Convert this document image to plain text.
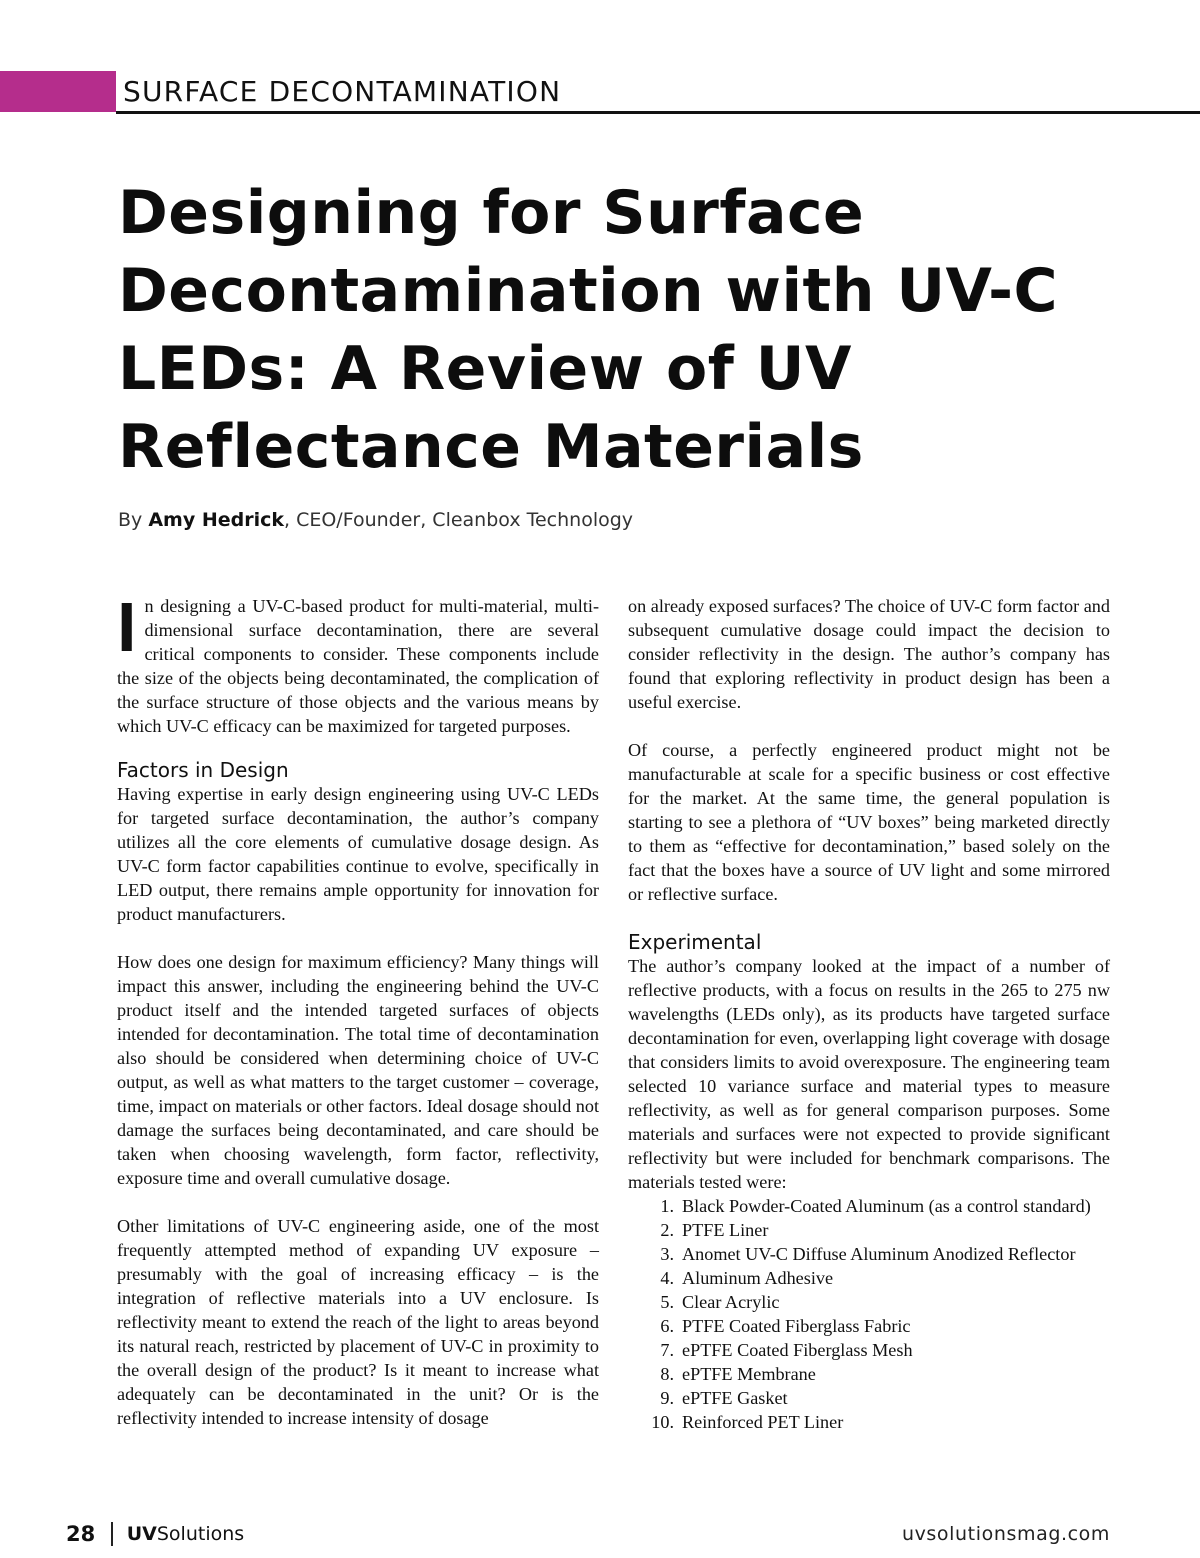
SURFACE DECONTAMINATION
Designing for Surface Decontamination with UV-C LEDs: A Review of UV Reflectance Materials
By Amy Hedrick, CEO/Founder, Cleanbox Technology

In designing a UV-C-based product for multi-material, multi-dimensional surface decontamination, there are several critical components to consider. These components include the size of the objects being decontaminated, the complication of the surface structure of those objects and the various means by which UV-C efficacy can be maximized for targeted purposes.

Factors in Design

Having expertise in early design engineering using UV-C LEDs for targeted surface decontamination, the author’s company utilizes all the core elements of cumulative dosage design. As UV-C form factor capabilities continue to evolve, specifically in LED output, there remains ample opportunity for innovation for product manufacturers.

How does one design for maximum efficiency? Many things will impact this answer, including the engineering behind the UV-C product itself and the intended targeted surfaces of objects intended for decontamination. The total time of decontamination also should be considered when determining choice of UV-C output, as well as what matters to the target customer – coverage, time, impact on materials or other factors. Ideal dosage should not damage the surfaces being decontaminated, and care should be taken when choosing wavelength, form factor, reflectivity, exposure time and overall cumulative dosage.

Other limitations of UV-C engineering aside, one of the most frequently attempted method of expanding UV exposure – presumably with the goal of increasing efficacy – is the integration of reflective materials into a UV enclosure. Is reflectivity meant to extend the reach of the light to areas beyond its natural reach, restricted by placement of UV-C in proximity to the overall design of the product? Is it meant to increase what adequately can be decontaminated in the unit? Or is the reflectivity intended to increase intensity of dosage

on already exposed surfaces? The choice of UV-C form factor and subsequent cumulative dosage could impact the decision to consider reflectivity in the design. The author’s company has found that exploring reflectivity in product design has been a useful exercise.

Of course, a perfectly engineered product might not be manufacturable at scale for a specific business or cost effective for the market. At the same time, the general population is starting to see a plethora of “UV boxes” being marketed directly to them as “effective for decontamination,” based solely on the fact that the boxes have a source of UV light and some mirrored or reflective surface.

Experimental

The author’s company looked at the impact of a number of reflective products, with a focus on results in the 265 to 275 nw wavelengths (LEDs only), as its products have targeted surface decontamination for even, overlapping light coverage with dosage that considers limits to avoid overexposure. The engineering team selected 10 variance surface and material types to measure reflectivity, as well as for general comparison purposes. Some materials and surfaces were not expected to provide significant reflectivity but were included for benchmark comparisons. The materials tested were:

1. Black Powder-Coated Aluminum (as a control standard)
2. PTFE Liner
3. Anomet UV-C Diffuse Aluminum Anodized Reflector
4. Aluminum Adhesive
5. Clear Acrylic
6. PTFE Coated Fiberglass Fabric
7. ePTFE Coated Fiberglass Mesh
8. ePTFE Membrane
9. ePTFE Gasket
10. Reinforced PET Liner
28 UV Solutions	uvsolutionsmag.com
